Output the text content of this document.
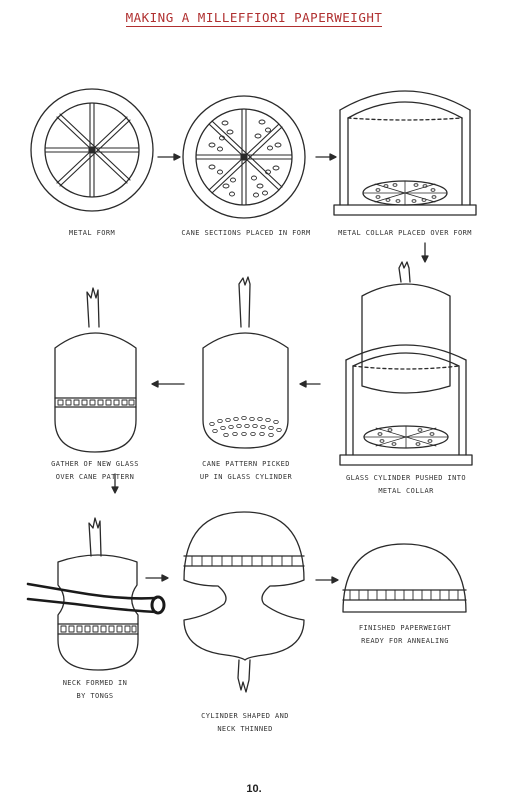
MAKING A MILLEFFIORI PAPERWEIGHT
METAL FORM	CANE SECTIONS PLACED IN FORM	METAL COLLAR PLACED OVER FORM
GATHER OF NEW GLASS
OVER CANE PATTERN
CANE PATTERN PICKED
UP IN GLASS CYLINDER	GLASS CYLINDER PUSHED INTO
METAL COLLAR
NECK FORMED IN
BY TONGS
CYLINDER SHAPED AND
NECK THINNED
FINISHED PAPERWEIGHT
READY FOR ANNEALING
10.
